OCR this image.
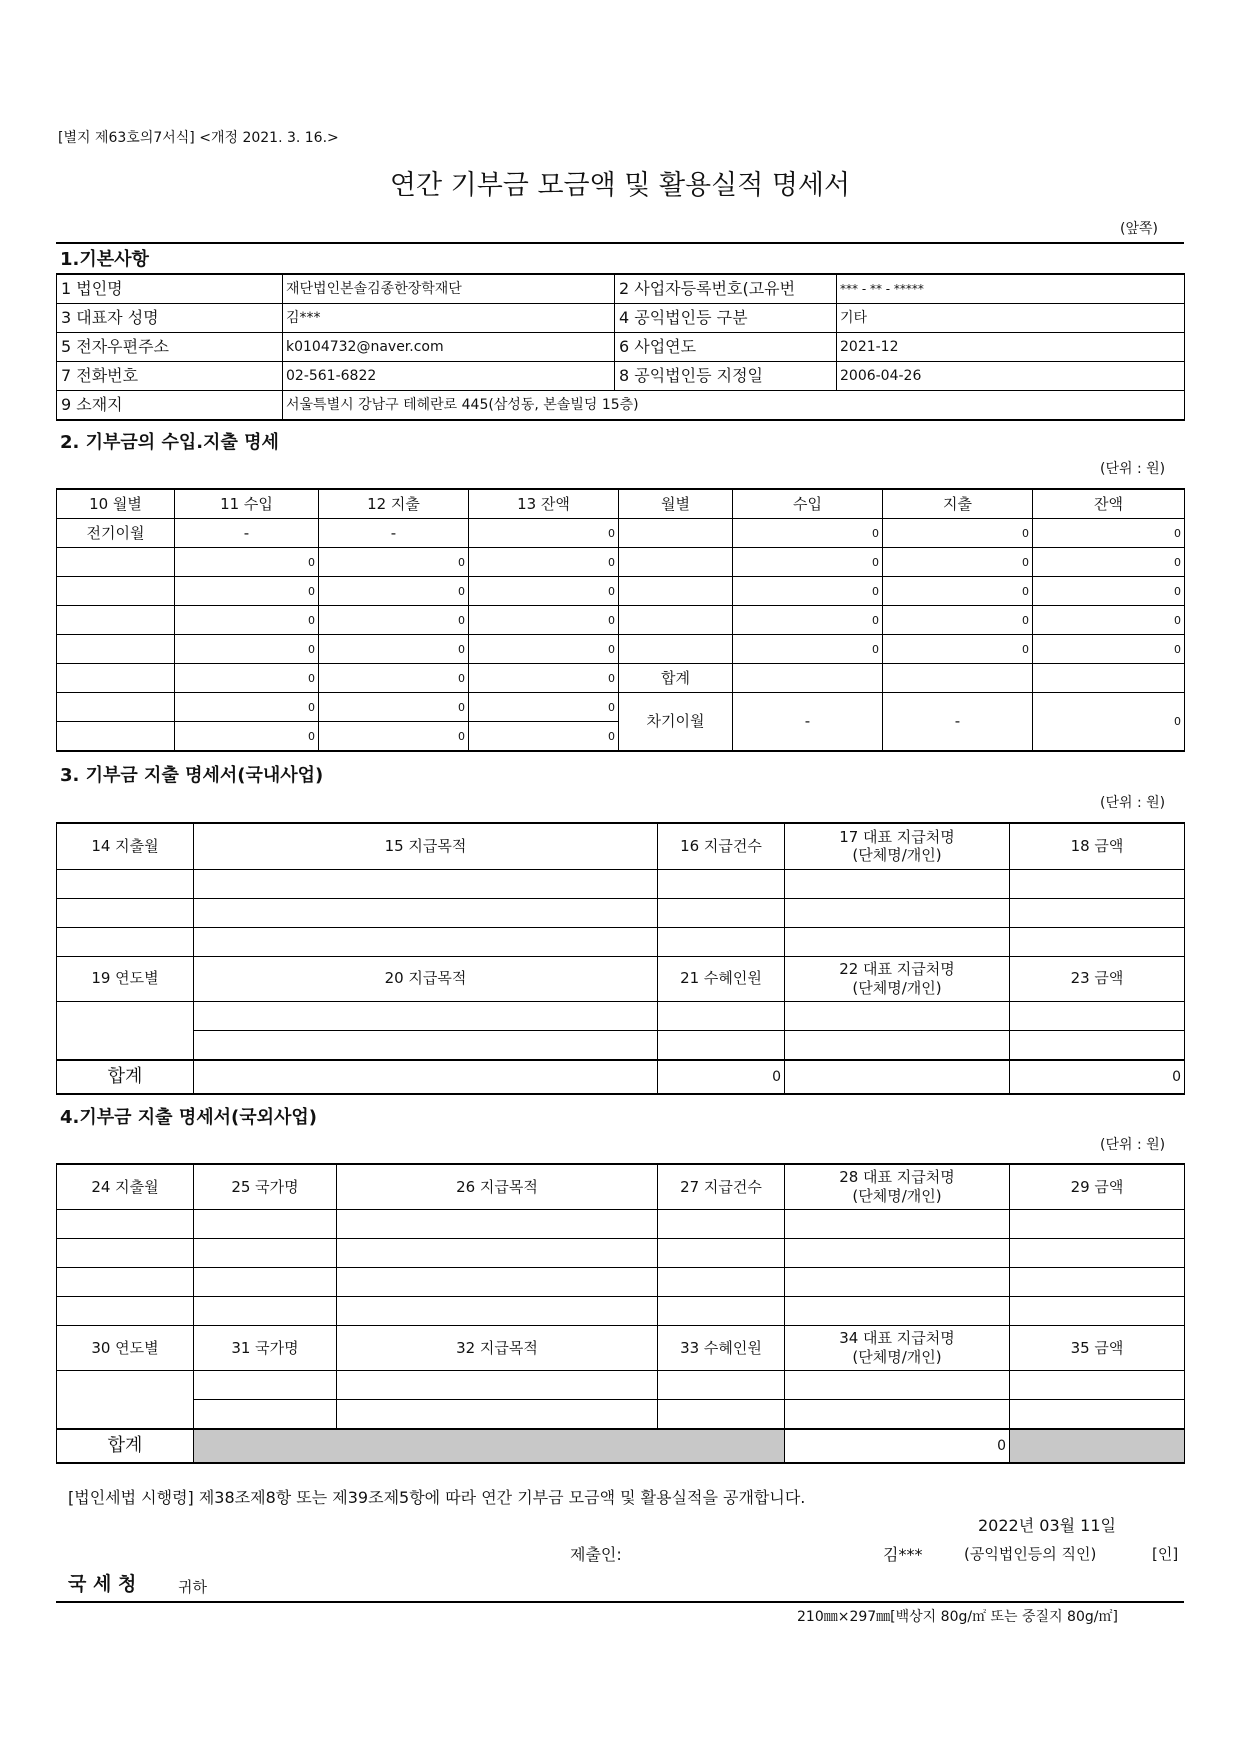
[별지 제63호의7서식] <개정 2021. 3. 16.>
연간 기부금 모금액 및 활용실적 명세서
(앞쪽)
1.기본사항
1 법인명	재단법인본솔김종한장학재단	2 사업자등록번호(고유번	*** - ** - *****
3 대표자 성명	김***	4 공익법인등 구분	기타
5 전자우편주소	k0104732@naver.com	6 사업연도	2021-12
7 전화번호	02-561-6822	8 공익법인등 지정일	2006-04-26
9 소재지	서울특별시 강남구 테헤란로 445(삼성동, 본솔빌딩 15층)		
2. 기부금의 수입.지출 명세
(단위 : 원)
10 월별	11 수입	12 지출	13 잔액	월별	수입	지출	잔액
전기이월	-	-	0		0	0	0
	0	0	0		0	0	0
	0	0	0		0	0	0
	0	0	0		0	0	0
	0	0	0		0	0	0
	0	0	0	합계			
	0	0	0	차기이월	-	-	0
	0	0	0				
3. 기부금 지출 명세서(국내사업)
(단위 : 원)
14 지출월	15 지급목적	16 지급건수	17 대표 지급처명
(단체명/개인)	18 금액

19 연도별	20 지급목적	21 수혜인원	22 대표 지급처명
(단체명/개인)	23 금액

합계		0		0
4.기부금 지출 명세서(국외사업)
(단위 : 원)
24 지출월	25 국가명	26 지급목적	27 지급건수	28 대표 지급처명
(단체명/개인)	29 금액	

30 연도별	31 국가명	32 지급목적	33 수혜인원	34 대표 지급처명
(단체명/개인)	35 금액	

합계				0		
[법인세법 시행령] 제38조제8항 또는 제39조제5항에 따라 연간 기부금 모금액 및 활용실적을 공개합니다.
2022년 03월 11일
제출인:	김***	(공익법인등의 직인)	[인]
국 세 청	귀하
210㎜×297㎜[백상지 80g/㎡ 또는 중질지 80g/㎡]
